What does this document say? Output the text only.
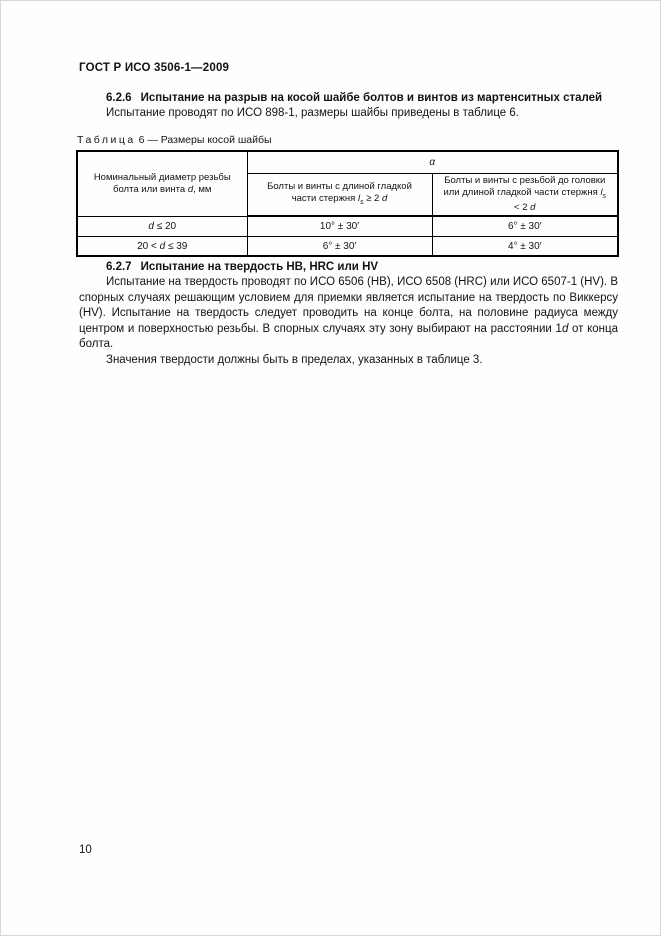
ГОСТ Р ИСО 3506-1—2009
6.2.6 Испытание на разрыв на косой шайбе болтов и винтов из мартенситных сталей
Испытание проводят по ИСО 898-1, размеры шайбы приведены в таблице 6.
Таблица 6 — Размеры косой шайбы
Номинальный диаметр резьбы болта или винта d, мм	α	
	Болты и винты с длиной гладкой части стержня $l_s \ge 2$ d	Болты и винты с резьбой до головки или длиной гладкой части стержня $l_s < 2$ d
d ≤ 20	10° ± 30′	6° ± 30′
20 < d ≤ 39	6° ± 30′	4° ± 30′
6.2.7 Испытание на твердость HB, HRC или HV

Испытание на твердость проводят по ИСО 6506 (HB), ИСО 6508 (HRC) или ИСО 6507-1 (HV). В спорных случаях решающим условием для приемки является испытание на твердость по Виккерсу (HV). Испытание на твердость следует проводить на конце болта, на половине радиуса между центром и поверхностью резьбы. В спорных случаях эту зону выбирают на расстоянии 1d от конца болта.

Значения твердости должны быть в пределах, указанных в таблице 3.

10
